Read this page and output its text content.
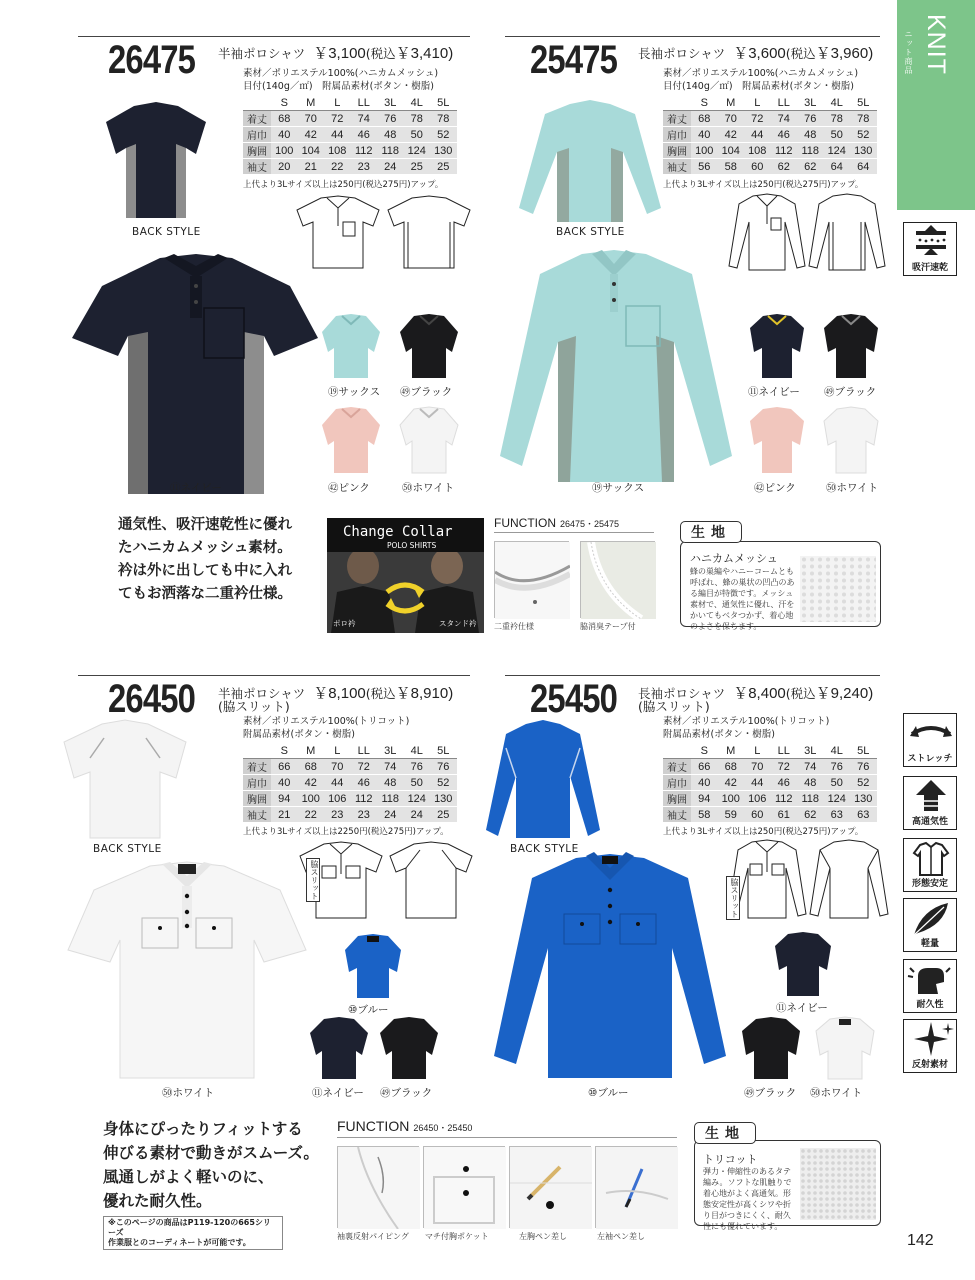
KNIT
ニット商品
吸汗速乾
ストレッチ
高通気性
形態安定
軽量
耐久性
反射素材
26475 半袖ポロシャツ ￥3,100(税込￥3,410)
素材／ポリエステル100%(ハニカムメッシュ)
目付(140g／㎡)　附属品素材(ボタン・樹脂)
	S	M	L	LL	3L	4L	5L
着丈	68	70	72	74	76	78	78
肩巾	40	42	44	46	48	50	52
胸囲	100	104	108	112	118	124	130
袖丈	20	21	22	23	24	25	25
上代より3Lサイズ以上は250円(税込275円)アップ。
BACK STYLE
⑲サックス ㊾ブラック
⑪ネイビー	㊷ピンク	㊿ホワイト
25475 長袖ポロシャツ ￥3,600(税込￥3,960)
素材／ポリエステル100%(ハニカムメッシュ)
目付(140g／㎡)　附属品素材(ボタン・樹脂)
	S	M	L	LL	3L	4L	5L
着丈	68	70	72	74	76	78	78
肩巾	40	42	44	46	48	50	52
胸囲	100	104	108	112	118	124	130
袖丈	56	58	60	62	62	64	64
上代より3Lサイズ以上は250円(税込275円)アップ。
BACK STYLE
⑲サックス
⑪ネイビー ㊾ブラック
㊷ピンク	㊿ホワイト
通気性、吸汗速乾性に優れ
たハニカムメッシュ素材。
衿は外に出しても中に入れ
てもお洒落な二重衿仕様。
Change Collar
POLO SHIRTS
ポロ衿	スタンド衿
FUNCTION 26475・25475
二重衿仕様	脇消臭テープ付
生地
ハニカムメッシュ
蜂の巣編やハニーコームとも呼ばれ、蜂の巣状の凹凸のある編目が特徴です。メッシュ素材で、通気性に優れ、汗をかいてもベタつかず、着心地のよさを保ちます。
26450 半袖ポロシャツ ￥8,100(税込￥8,910)
(脇スリット)
素材／ポリエステル100%(トリコット)
附属品素材(ボタン・樹脂)
	S	M	L	LL	3L	4L	5L
着丈	66	68	70	72	74	76	76
肩巾	40	42	44	46	48	50	52
胸囲	94	100	106	112	118	124	130
袖丈	21	22	23	23	24	24	25
上代より3Lサイズ以上は2250円(税込275円)アップ。
BACK STYLE
㊿ホワイト
脇スリット
⑩ブルー
⑪ネイビー ㊾ブラック
25450 長袖ポロシャツ ￥8,400(税込￥9,240)
(脇スリット)
素材／ポリエステル100%(トリコット)
附属品素材(ボタン・樹脂)
	S	M	L	LL	3L	4L	5L
着丈	66	68	70	72	74	76	76
肩巾	40	42	44	46	48	50	52
胸囲	94	100	106	112	118	124	130
袖丈	58	59	60	61	62	63	63
上代より3Lサイズ以上は250円(税込275円)アップ。
BACK STYLE
⑩ブルー
脇スリット
⑪ネイビー
㊾ブラック ㊿ホワイト
身体にぴったりフィットする
伸びる素材で動きがスムーズ。
風通しがよく軽いのに、
優れた耐久性。
※このページの商品はP119-120の665シリーズ
作業服とのコーディネートが可能です。
FUNCTION 26450・25450
袖裏反射パイピング マチ付胸ポケット	左胸ペン差し	左袖ペン差し
生地
トリコット
弾力・伸縮性のあるタテ編み。ソフトな肌触りで着心地がよく高通気。形態安定性が高くシワや折り目がつきにくく、耐久性にも優れています。
142
